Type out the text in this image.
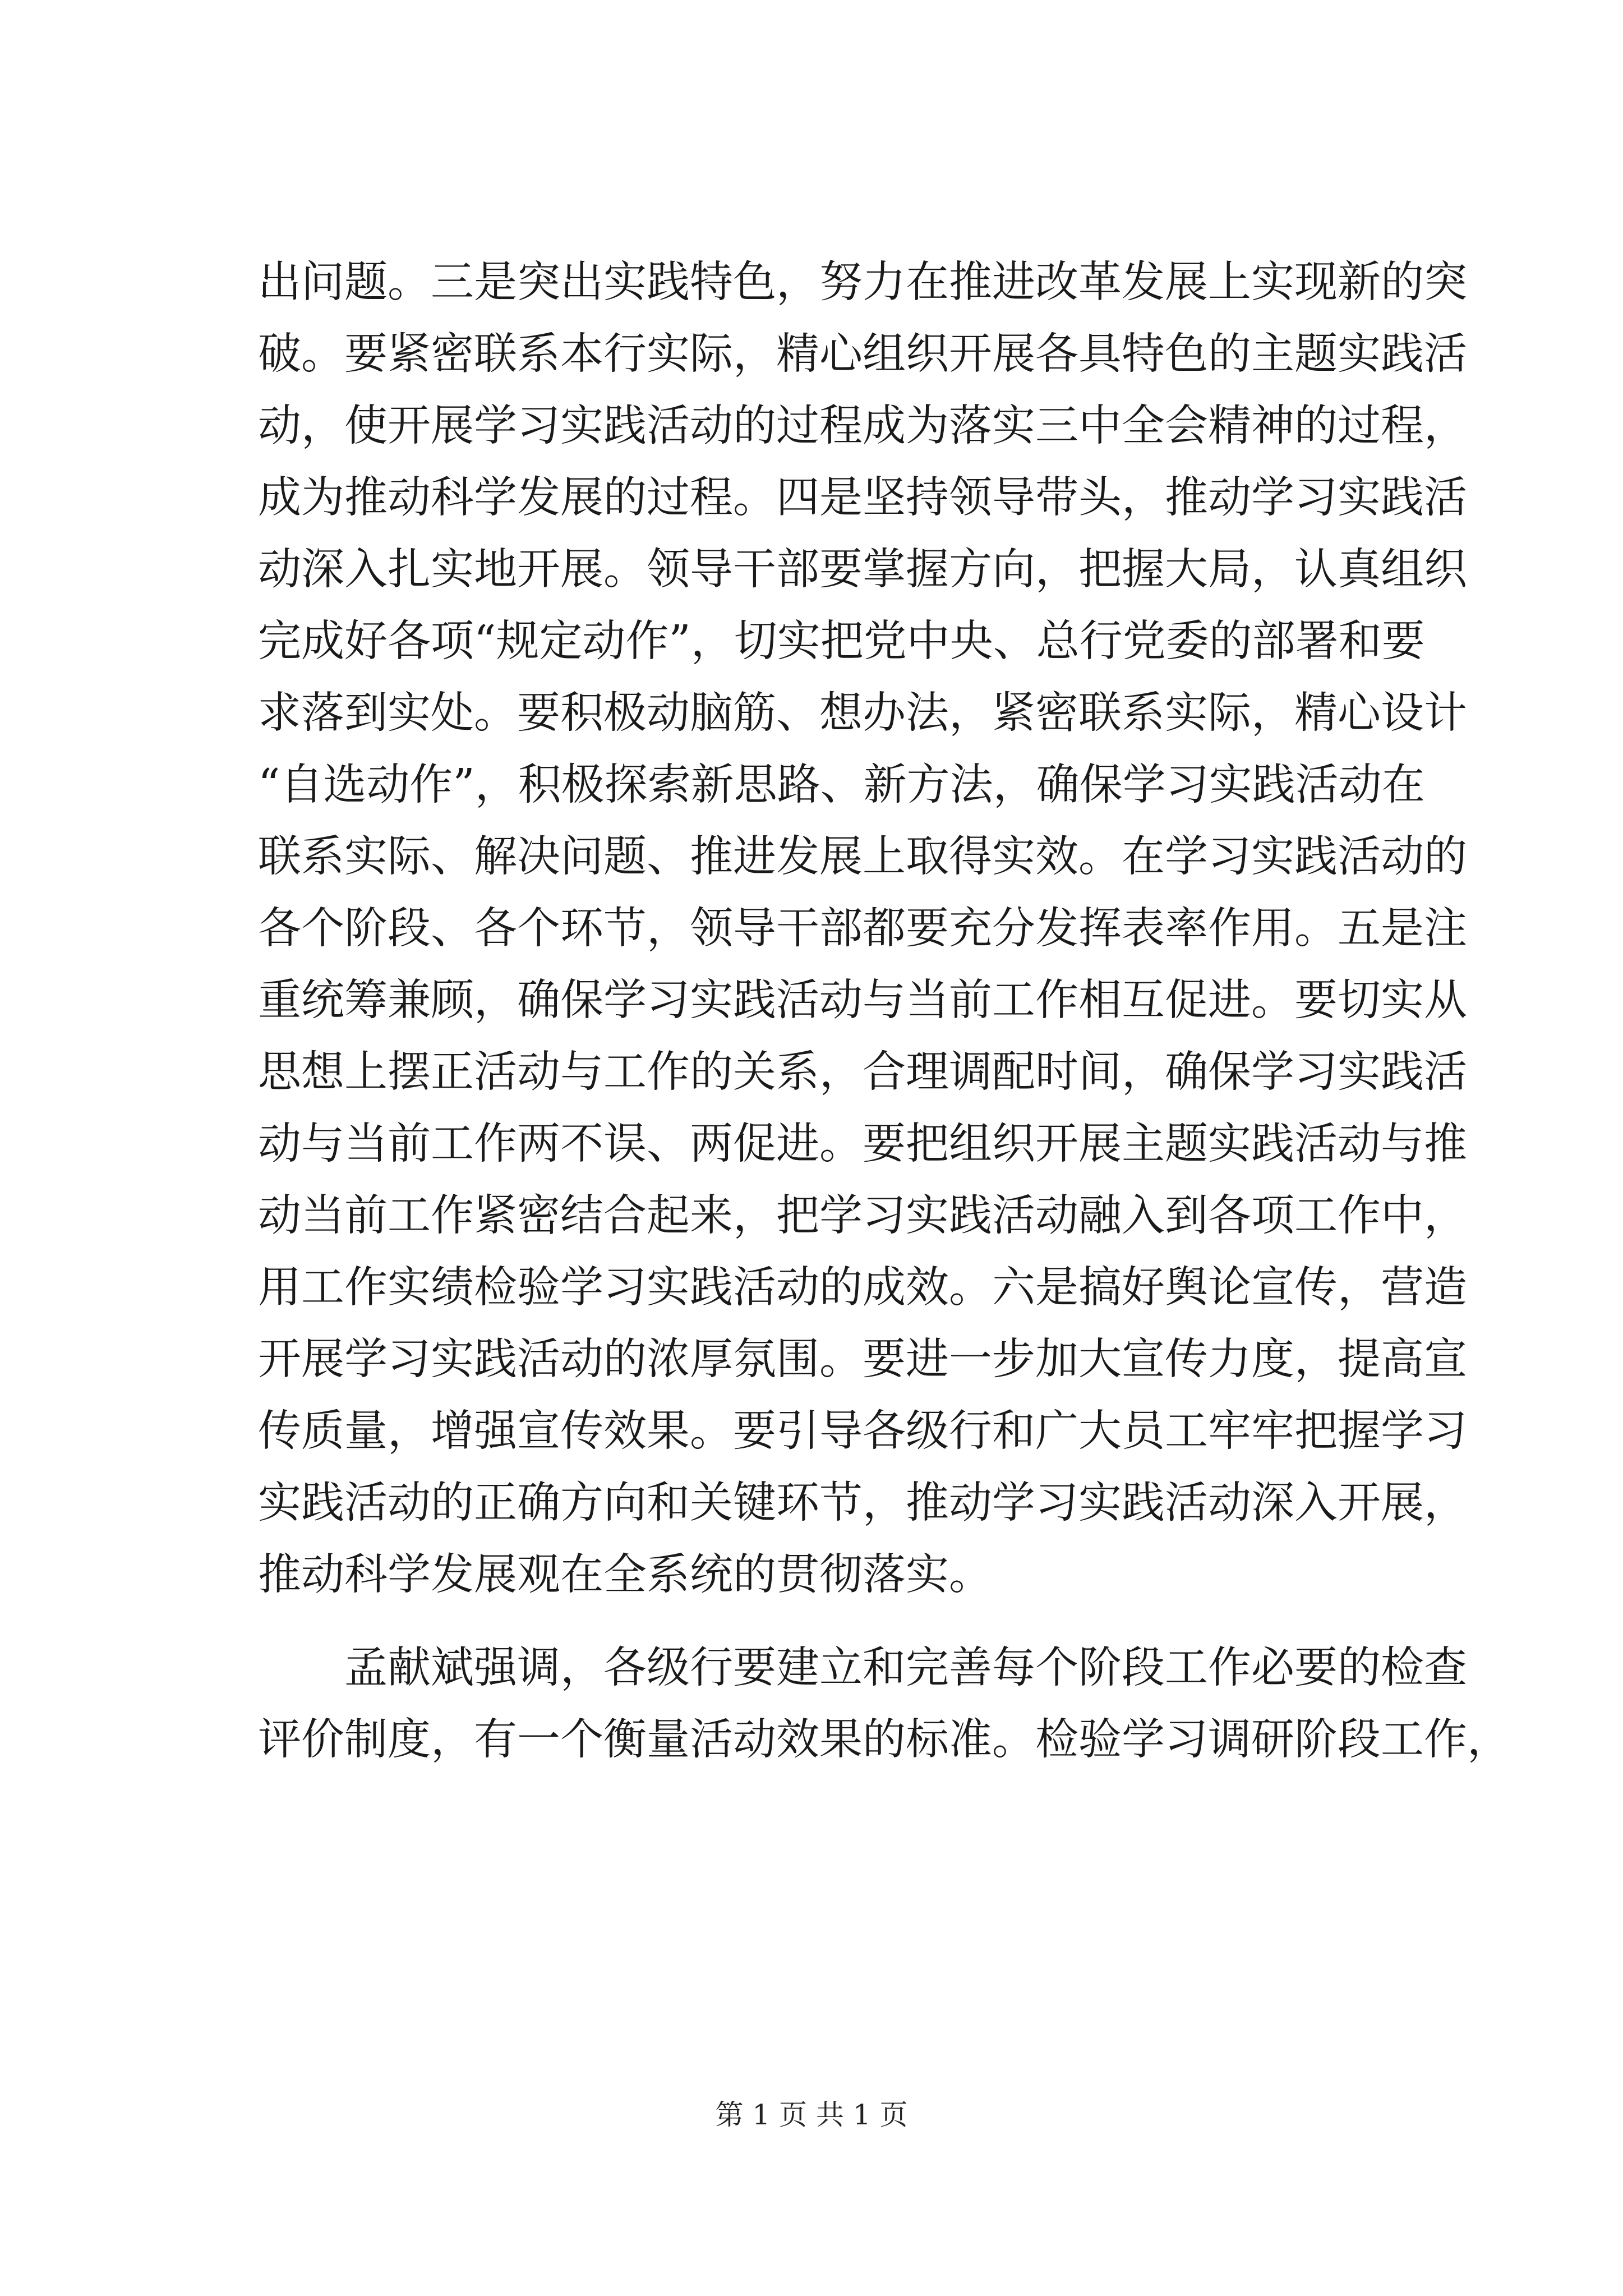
出问题。三是突出实践特色，努力在推进改革发展上实现新的突
破。要紧密联系本行实际，精心组织开展各具特色的主题实践活
动，使开展学习实践活动的过程成为落实三中全会精神的过程，
成为推动科学发展的过程。四是坚持领导带头，推动学习实践活
动深入扎实地开展。领导干部要掌握方向，把握大局，认真组织
完成好各项“规定动作”，切实把党中央、总行党委的部署和要
求落到实处。要积极动脑筋、想办法，紧密联系实际，精心设计
“自选动作”，积极探索新思路、新方法，确保学习实践活动在
联系实际、解决问题、推进发展上取得实效。在学习实践活动的
各个阶段、各个环节，领导干部都要充分发挥表率作用。五是注
重统筹兼顾，确保学习实践活动与当前工作相互促进。要切实从
思想上摆正活动与工作的关系，合理调配时间，确保学习实践活
动与当前工作两不误、两促进。要把组织开展主题实践活动与推
动当前工作紧密结合起来，把学习实践活动融入到各项工作中，
用工作实绩检验学习实践活动的成效。六是搞好舆论宣传，营造
开展学习实践活动的浓厚氛围。要进一步加大宣传力度，提高宣
传质量，增强宣传效果。要引导各级行和广大员工牢牢把握学习
实践活动的正确方向和关键环节，推动学习实践活动深入开展，
推动科学发展观在全系统的贯彻落实。
孟献斌强调，各级行要建立和完善每个阶段工作必要的检查
评价制度，有一个衡量活动效果的标准。检验学习调研阶段工作，
第 1 页 共 1 页
